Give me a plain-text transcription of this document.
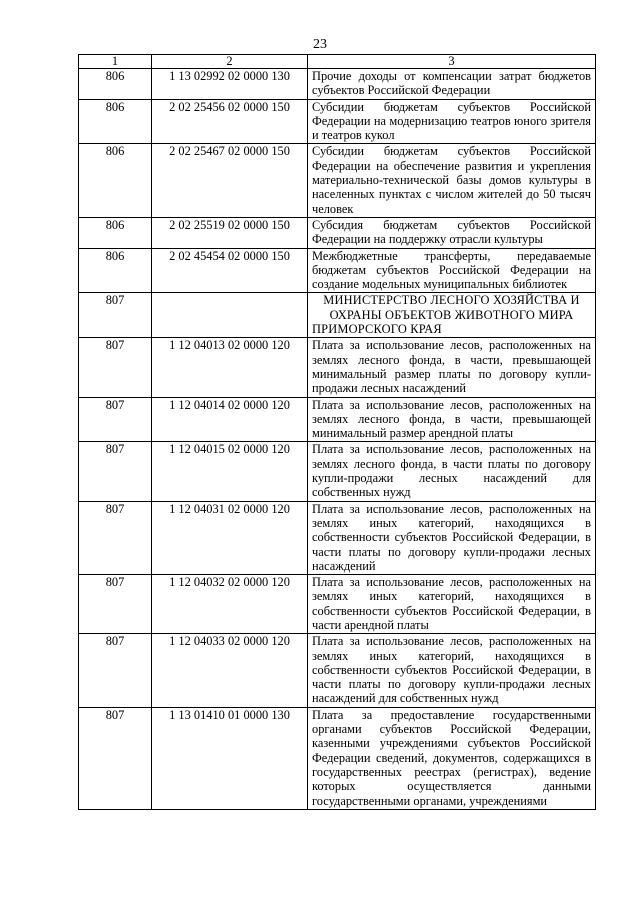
23
1	2	3
806	1 13 02992 02 0000 130	Прочие доходы от компенсации затрат бюджетов субъектов Российской Федерации
806	2 02 25456 02 0000 150	Субсидии бюджетам субъектов Российской Федерации на модернизацию театров юного зрителя и театров кукол
806	2 02 25467 02 0000 150	Субсидии бюджетам субъектов Российской Федерации на обеспечение развития и укрепления материально-технической базы домов культуры в населенных пунктах с числом жителей до 50 тысяч человек
806	2 02 25519 02 0000 150	Субсидия бюджетам субъектов Российской Федерации на поддержку отрасли культуры
806	2 02 45454 02 0000 150	Межбюджетные трансферты, передаваемые бюджетам субъектов Российской Федерации на создание модельных муниципальных библиотек
807		МИНИСТЕРСТВО ЛЕСНОГО ХОЗЯЙСТВА И ОХРАНЫ ОБЪЕКТОВ ЖИВОТНОГО МИРА ПРИМОРСКОГО КРАЯ
807	1 12 04013 02 0000 120	Плата за использование лесов, расположенных на землях лесного фонда, в части, превышающей минимальный размер платы по договору купли-продажи лесных насаждений
807	1 12 04014 02 0000 120	Плата за использование лесов, расположенных на землях лесного фонда, в части, превышающей минимальный размер арендной платы
807	1 12 04015 02 0000 120	Плата за использование лесов, расположенных на землях лесного фонда, в части платы по договору купли-продажи лесных насаждений для собственных нужд
807	1 12 04031 02 0000 120	Плата за использование лесов, расположенных на землях иных категорий, находящихся в собственности субъектов Российской Федерации, в части платы по договору купли-продажи лесных насаждений
807	1 12 04032 02 0000 120	Плата за использование лесов, расположенных на землях иных категорий, находящихся в собственности субъектов Российской Федерации, в части арендной платы
807	1 12 04033 02 0000 120	Плата за использование лесов, расположенных на землях иных категорий, находящихся в собственности субъектов Российской Федерации, в части платы по договору купли-продажи лесных насаждений для собственных нужд
807	1 13 01410 01 0000 130	Плата за предоставление государственными органами субъектов Российской Федерации, казенными учреждениями субъектов Российской Федерации сведений, документов, содержащихся в государственных реестрах (регистрах), ведение которых осуществляется данными государственными органами, учреждениями
